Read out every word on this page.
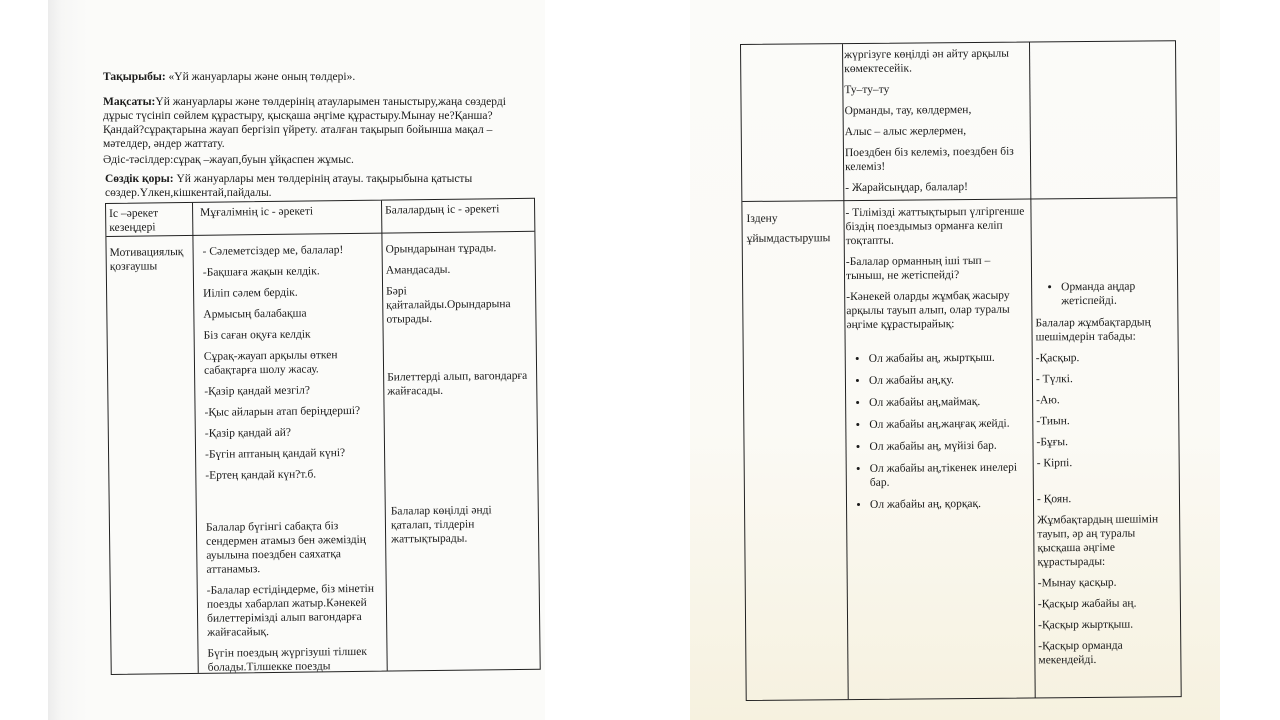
Тақырыбы: «Үй жануарлары және оның төлдері».

Мақсаты:Үй жануарлары және төлдерінің атауларымен таныстыру,жаңа сөздерді дұрыс түсініп сөйлем құрастыру, қысқаша әңгіме құрастыру.Мынау не?Қанша?Қандай?сұрақтарына жауап бергізіп үйрету. аталған тақырып бойынша мақал – мәтелдер, әндер жаттату.

Әдіс-тәсілдер:сұрақ –жауап,буын ұйқаспен жұмыс.

Сөздік қоры: Үй жануарлары мен төлдерінің атауы. тақырыбына қатысты сөздер.Үлкен,кішкентай,пайдалы.

Іс –әрекет кезеңдері
Мұғалімнің іс - әрекеті	Балалардың іс - әрекеті
Мотивациялық қозғаушы

- Сәлеметсіздер ме, балалар!

-Бақшаға жақын келдік.

Иіліп сәлем бердік.

Армысың балабақша

Біз саған оқуға келдік

Сұрақ-жауап арқылы өткен сабақтарға шолу жасау.

-Қазір қандай мезгіл?

-Қыс айларын атап беріңдерші?

-Қазір қандай ай?

-Бүгін аптаның қандай күні?

-Ертең қандай күн?т.б.

Балалар бүгінгі сабақта біз сендермен атамыз бен әжеміздің ауылына поездбен саяхатқа аттанамыз.

-Балалар естідіңдерме, біз мінетін поезды хабарлап жатыр.Кәнекей билеттерімізді алып вагондарға жайғасайық.

Бүгін поездың жүргізуші тілшек болады.Тілшекке поезды

Орындарынан тұрады.

Амандасады.

Бәрі қайталайды.Орындарына отырады.

Билеттерді алып, вагондарға жайғасады.
Балалар көңілді әнді қаталап, тілдерін жаттықтырады.

жүргізуге көңілді ән айту арқылы көмектесейік.

Ту–ту–ту

Орманды, тау, көлдермен,

Алыс – алыс жерлермен,

Поездбен біз келеміз, поездбен біз келеміз!

- Жарайсыңдар, балалар!

Іздену ұйымдастырушы

- Тілімізді жаттықтырып үлгіргенше біздің поездымыз орманға келіп тоқтапты.

-Балалар орманның іші тып – тыныш, не жетіспейді?

-Кәнекей оларды жұмбақ жасыру арқылы тауып алып, олар туралы әңгіме құрастырайық:

• Ол жабайы аң, жыртқыш.
• Ол жабайы аң,қу.
• Ол жабайы аң,маймақ.
• Ол жабайы аң,жаңғақ жейді.
• Ол жабайы аң, мүйізі бар.
• Ол жабайы аң,тікенек инелері бар.
• Ол жабайы аң, қорқақ.
• Орманда аңдар жетіспейді.

Балалар жұмбақтардың шешімдерін табады:

-Қасқыр.

- Түлкі.

-Аю.

-Тиын.

-Бұғы.

- Кірпі.

- Қоян.

Жұмбақтардың шешімін тауып, әр аң туралы қысқаша әңгіме құрастырады:

-Мынау қасқыр.

-Қасқыр жабайы аң.

-Қасқыр жыртқыш.

-Қасқыр орманда мекендейді.
